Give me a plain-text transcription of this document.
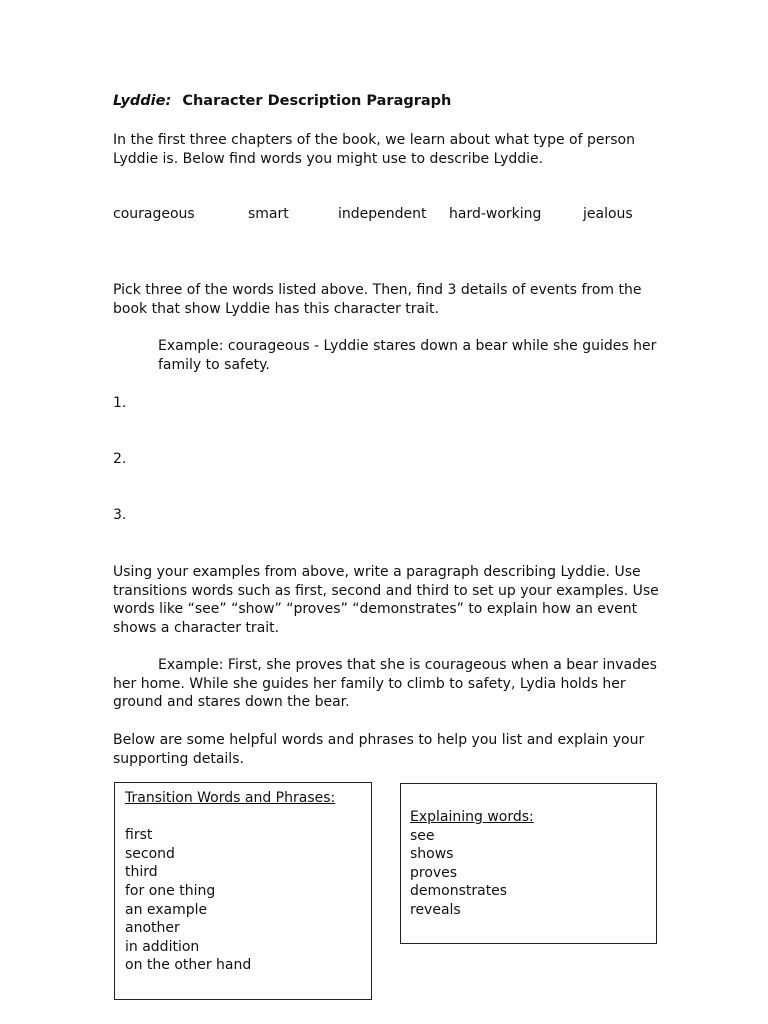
Lyddie: Character Description Paragraph

In the first three chapters of the book, we learn about what type of person Lyddie is. Below find words you might use to describe Lyddie.

courageous	smart	independent hard-working	jealous

Pick three of the words listed above. Then, find 3 details of events from the book that show Lyddie has this character trait.

Example: courageous - Lyddie stares down a bear while she guides her family to safety.

1.
2.
3.

Using your examples from above, write a paragraph describing Lyddie. Use transitions words such as first, second and third to set up your examples. Use words like “see” “show” “proves” “demonstrates” to explain how an event shows a character trait.

Example: First, she proves that she is courageous when a bear invades her home. While she guides her family to climb to safety, Lydia holds her ground and stares down the bear.

Below are some helpful words and phrases to help you list and explain your supporting details.

Transition Words and Phrases:
first
second
third
for one thing
an example
another
in addition
on the other hand
Explaining words:
see
shows
proves
demonstrates
reveals
